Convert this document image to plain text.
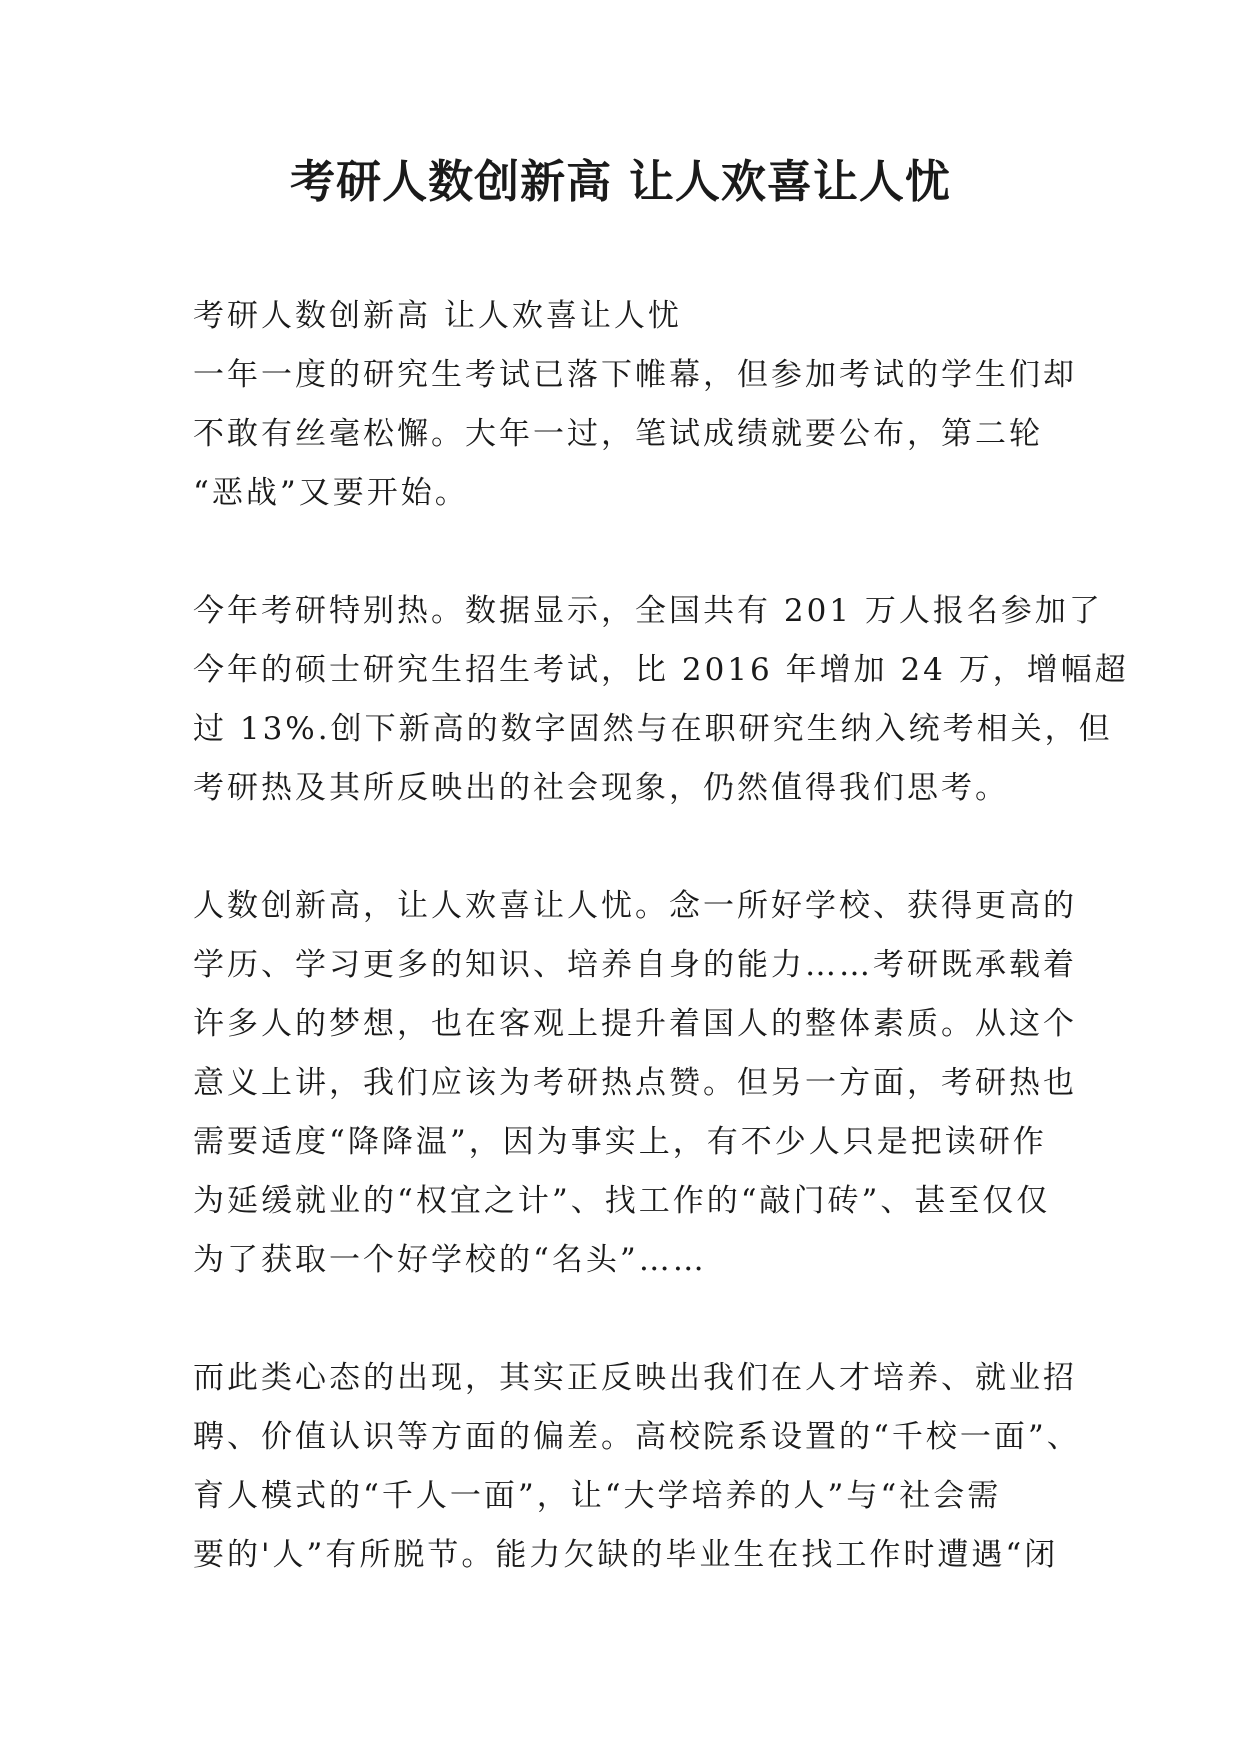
考研人数创新高 让人欢喜让人忧
考研人数创新高 让人欢喜让人忧
一年一度的研究生考试已落下帷幕，但参加考试的学生们却
不敢有丝毫松懈。大年一过，笔试成绩就要公布，第二轮
“恶战”又要开始。
今年考研特别热。数据显示，全国共有 201 万人报名参加了
今年的硕士研究生招生考试，比 2016 年增加 24 万，增幅超
过 13%.创下新高的数字固然与在职研究生纳入统考相关，但
考研热及其所反映出的社会现象，仍然值得我们思考。
人数创新高，让人欢喜让人忧。念一所好学校、获得更高的
学历、学习更多的知识、培养自身的能力……考研既承载着
许多人的梦想，也在客观上提升着国人的整体素质。从这个
意义上讲，我们应该为考研热点赞。但另一方面，考研热也
需要适度“降降温”，因为事实上，有不少人只是把读研作
为延缓就业的“权宜之计”、找工作的“敲门砖”、甚至仅仅
为了获取一个好学校的“名头”……
而此类心态的出现，其实正反映出我们在人才培养、就业招
聘、价值认识等方面的偏差。高校院系设置的“千校一面”、
育人模式的“千人一面”，让“大学培养的人”与“社会需
要的'人”有所脱节。能力欠缺的毕业生在找工作时遭遇“闭
